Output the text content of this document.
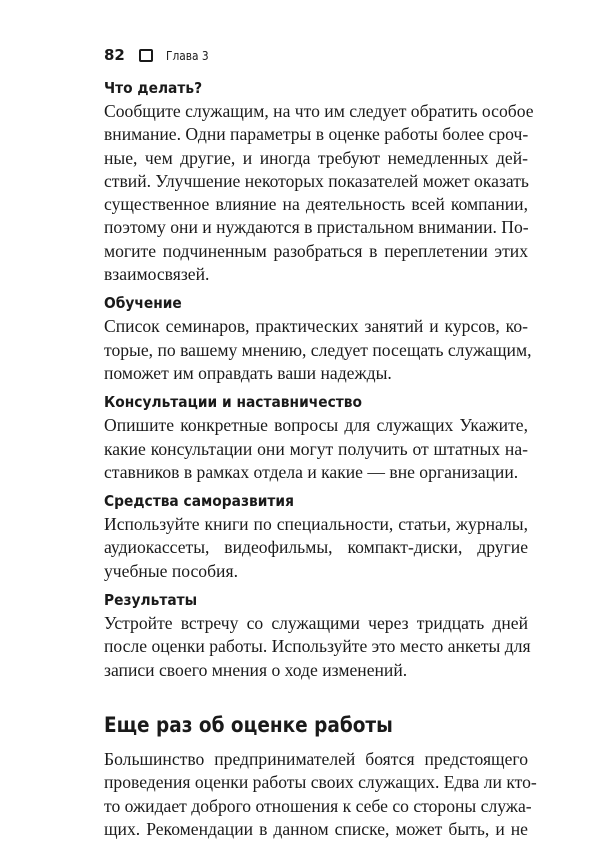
82	Глава 3
Что делать?
Сообщите служащим, на что им следует обратить особое
внимание. Одни параметры в оценке работы более сроч-
ные, чем другие, и иногда требуют немедленных дей-
ствий. Улучшение некоторых показателей может оказать
существенное влияние на деятельность всей компании,
поэтому они и нуждаются в пристальном внимании. По-
могите подчиненным разобраться в переплетении этих
взаимосвязей.
Обучение
Список семинаров, практических занятий и курсов, ко-
торые, по вашему мнению, следует посещать служащим,
поможет им оправдать ваши надежды.
Консультации и наставничество
Опишите конкретные вопросы для служащих Укажите,
какие консультации они могут получить от штатных на-
ставников в рамках отдела и какие — вне организации.
Средства саморазвития
Используйте книги по специальности, статьи, журналы,
аудиокассеты, видеофильмы, компакт-диски, другие
учебные пособия.
Результаты
Устройте встречу со служащими через тридцать дней
после оценки работы. Используйте это место анкеты для
записи своего мнения о ходе изменений.
Еще раз об оценке работы
Большинство предпринимателей боятся предстоящего
проведения оценки работы своих служащих. Едва ли кто-
то ожидает доброго отношения к себе со стороны служа-
щих. Рекомендации в данном списке, может быть, и не
